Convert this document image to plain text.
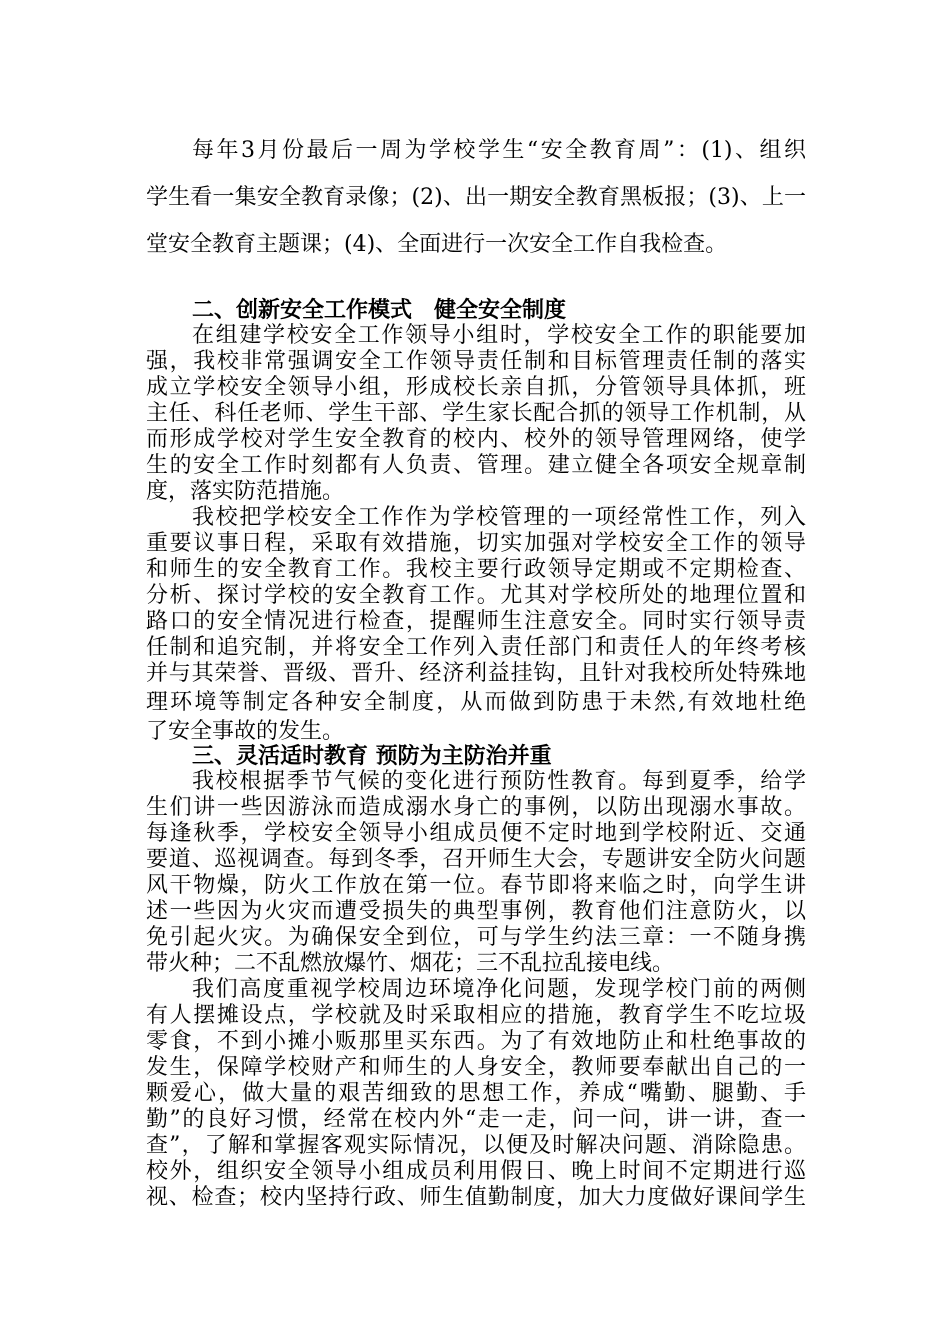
每年3月份最后一周为学校学生“安全教育周”：(1)、组织
学生看一集安全教育录像；(2)、出一期安全教育黑板报；(3)、上一
堂安全教育主题课；(4)、全面进行一次安全工作自我检查。
二、创新安全工作模式　健全安全制度
在组建学校安全工作领导小组时，学校安全工作的职能要加
强，我校非常强调安全工作领导责任制和目标管理责任制的落实
成立学校安全领导小组，形成校长亲自抓，分管领导具体抓，班
主任、科任老师、学生干部、学生家长配合抓的领导工作机制，从
而形成学校对学生安全教育的校内、校外的领导管理网络，使学
生的安全工作时刻都有人负责、管理。建立健全各项安全规章制
度，落实防范措施。
我校把学校安全工作作为学校管理的一项经常性工作，列入
重要议事日程，采取有效措施，切实加强对学校安全工作的领导
和师生的安全教育工作。我校主要行政领导定期或不定期检查、
分析、探讨学校的安全教育工作。尤其对学校所处的地理位置和
路口的安全情况进行检查，提醒师生注意安全。同时实行领导责
任制和追究制，并将安全工作列入责任部门和责任人的年终考核
并与其荣誉、晋级、晋升、经济利益挂钩，且针对我校所处特殊地
理环境等制定各种安全制度，从而做到防患于未然,有效地杜绝
了安全事故的发生。
三、灵活适时教育 预防为主防治并重
我校根据季节气候的变化进行预防性教育。每到夏季，给学
生们讲一些因游泳而造成溺水身亡的事例，以防出现溺水事故。
每逢秋季，学校安全领导小组成员便不定时地到学校附近、交通
要道、巡视调查。每到冬季，召开师生大会，专题讲安全防火问题
风干物燥，防火工作放在第一位。春节即将来临之时，向学生讲
述一些因为火灾而遭受损失的典型事例，教育他们注意防火，以
免引起火灾。为确保安全到位，可与学生约法三章：一不随身携
带火种；二不乱燃放爆竹、烟花；三不乱拉乱接电线。
我们高度重视学校周边环境净化问题，发现学校门前的两侧
有人摆摊设点，学校就及时采取相应的措施，教育学生不吃垃圾
零食，不到小摊小贩那里买东西。为了有效地防止和杜绝事故的
发生，保障学校财产和师生的人身安全，教师要奉献出自己的一
颗爱心，做大量的艰苦细致的思想工作，养成“嘴勤、腿勤、手
勤”的良好习惯，经常在校内外“走一走，问一问，讲一讲，查一
查”，了解和掌握客观实际情况，以便及时解决问题、消除隐患。
校外，组织安全领导小组成员利用假日、晚上时间不定期进行巡
视、检查；校内坚持行政、师生值勤制度，加大力度做好课间学生
